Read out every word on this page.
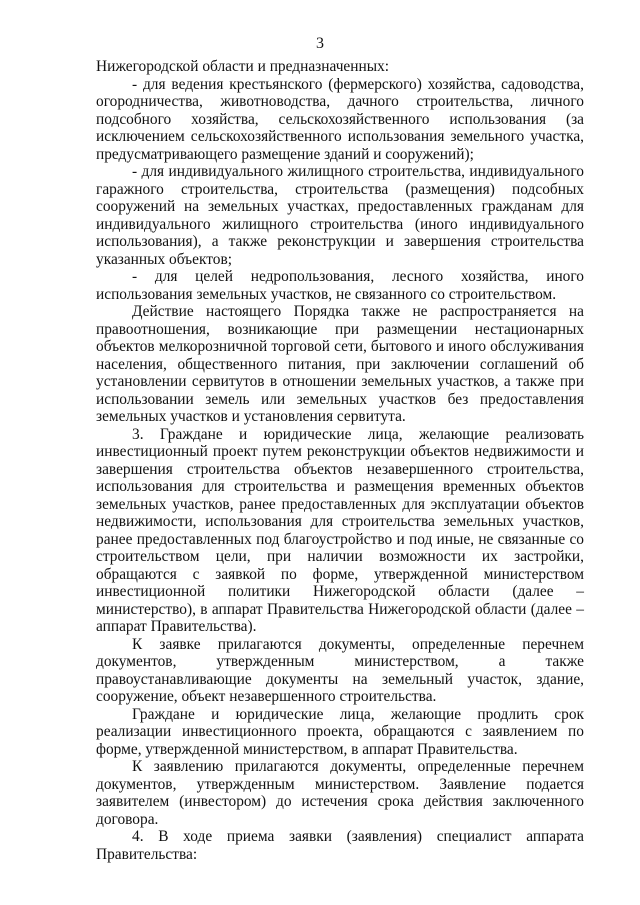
3

Нижегородской области и предназначенных:

- для ведения крестьянского (фермерского) хозяйства, садоводства, огородничества, животноводства, дачного строительства, личного подсобного хозяйства, сельскохозяйственного использования (за исключением сельскохозяйственного использования земельного участка, предусматривающего размещение зданий и сооружений);

- для индивидуального жилищного строительства, индивидуального гаражного строительства, строительства (размещения) подсобных сооружений на земельных участках, предоставленных гражданам для индивидуального жилищного строительства (иного индивидуального использования), а также реконструкции и завершения строительства указанных объектов;

- для целей недропользования, лесного хозяйства, иного использования земельных участков, не связанного со строительством.

Действие настоящего Порядка также не распространяется на правоотношения, возникающие при размещении нестационарных объектов мелкорозничной торговой сети, бытового и иного обслуживания населения, общественного питания, при заключении соглашений об установлении сервитутов в отношении земельных участков, а также при использовании земель или земельных участков без предоставления земельных участков и установления сервитута.

3. Граждане и юридические лица, желающие реализовать инвестиционный проект путем реконструкции объектов недвижимости и завершения строительства объектов незавершенного строительства, использования для строительства и размещения временных объектов земельных участков, ранее предоставленных для эксплуатации объектов недвижимости, использования для строительства земельных участков, ранее предоставленных под благоустройство и под иные, не связанные со строительством цели, при наличии возможности их застройки, обращаются с заявкой по форме, утвержденной министерством инвестиционной политики Нижегородской области (далее – министерство), в аппарат Правительства Нижегородской области (далее – аппарат Правительства).

К заявке прилагаются документы, определенные перечнем документов, утвержденным министерством, а также правоустанавливающие документы на земельный участок, здание, сооружение, объект незавершенного строительства.

Граждане и юридические лица, желающие продлить срок реализации инвестиционного проекта, обращаются с заявлением по форме, утвержденной министерством, в аппарат Правительства.

К заявлению прилагаются документы, определенные перечнем документов, утвержденным министерством. Заявление подается заявителем (инвестором) до истечения срока действия заключенного договора.

4. В ходе приема заявки (заявления) специалист аппарата Правительства:
